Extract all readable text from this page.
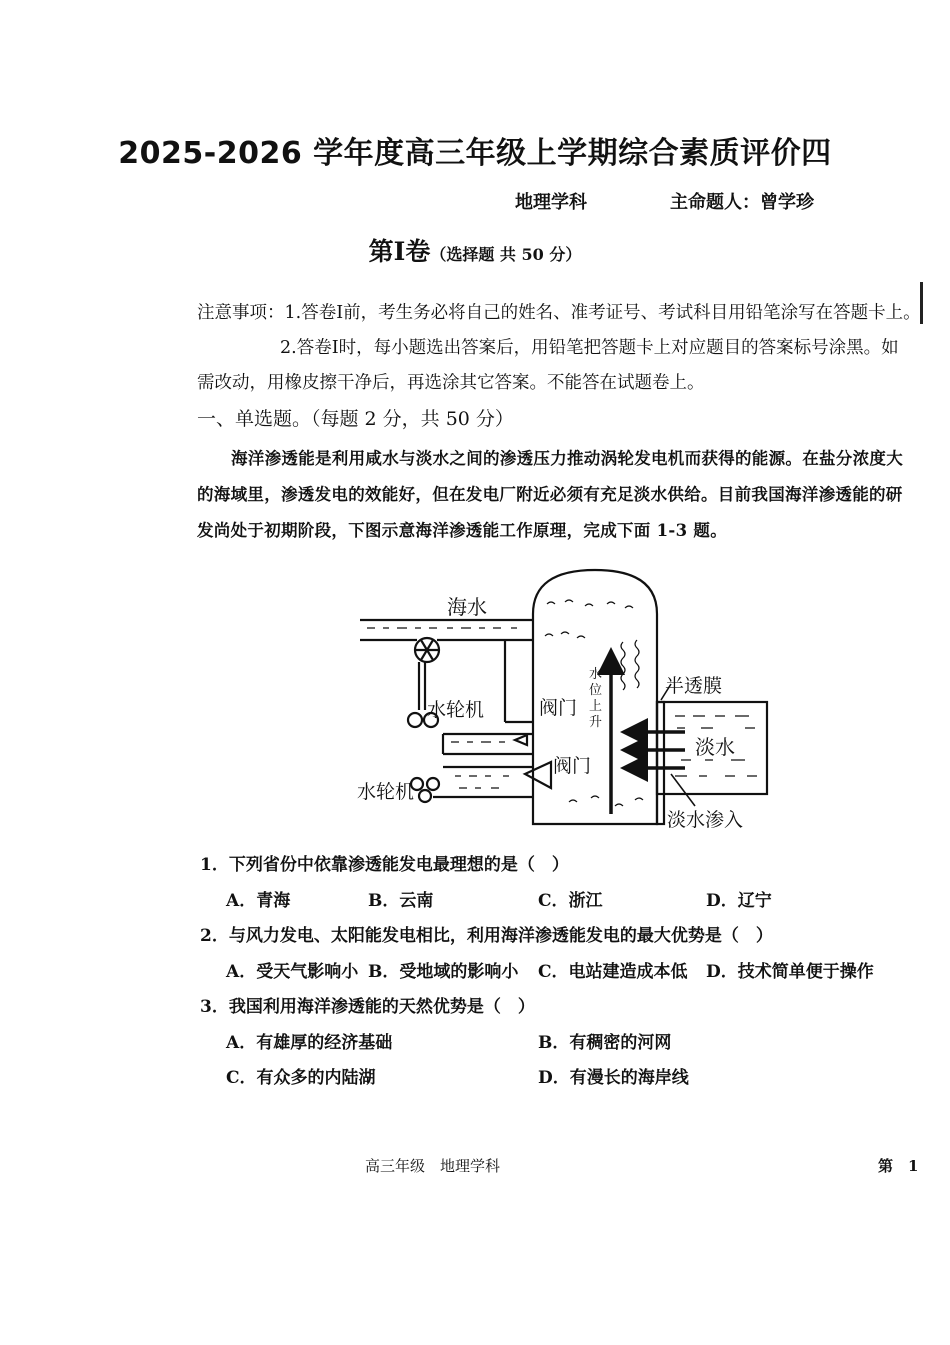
2025-2026 学年度高三年级上学期综合素质评价四
地理学科	主命题人：曾学珍
第Ⅰ卷（选择题 共 50 分）
注意事项：1.答卷Ⅰ前，考生务必将自己的姓名、准考证号、考试科目用铅笔涂写在答题卡上。
2.答卷Ⅰ时，每小题选出答案后，用铅笔把答题卡上对应题目的答案标号涂黑。如
需改动，用橡皮擦干净后，再选涂其它答案。不能答在试题卷上。
一、单选题。（每题 2 分，共 50 分）
海洋渗透能是利用咸水与淡水之间的渗透压力推动涡轮发电机而获得的能源。在盐分浓度大的海域里，渗透发电的效能好，但在发电厂附近必须有充足淡水供给。目前我国海洋渗透能的研发尚处于初期阶段，下图示意海洋渗透能工作原理，完成下面 1-3 题。
海水
水轮机
水轮机
阀门
阀门
水
位
上
升
半透膜
淡水
淡水渗入
1．下列省份中依靠渗透能发电最理想的是（　）
A．青海	B．云南	C．浙江	D．辽宁
2．与风力发电、太阳能发电相比，利用海洋渗透能发电的最大优势是（　）
A．受天气影响小 B．受地域的影响小 C．电站建造成本低 D．技术简单便于操作
3．我国利用海洋渗透能的天然优势是（　）
A．有雄厚的经济基础	B．有稠密的河网
C．有众多的内陆湖	D．有漫长的海岸线
高三年级　地理学科	第　1
